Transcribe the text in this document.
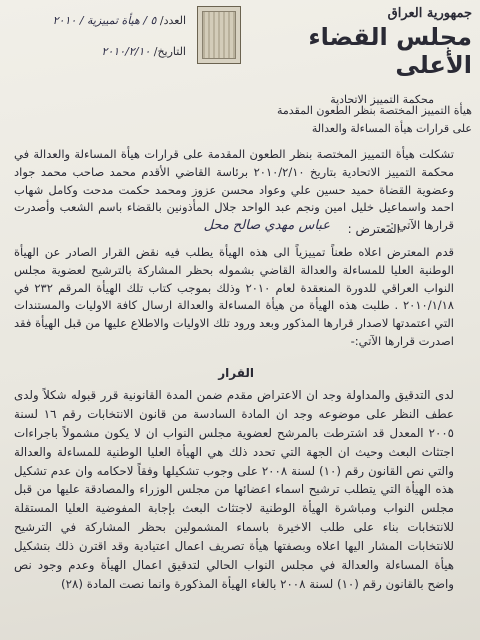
جمهورية العراق
مجلس القضاء الأعلى
محكمة التمييز الاتحادية
العدد/ ٥ / هيأة تمييزية / ٢٠١٠
التاريخ/ ٢٠١٠/٢/١٠
هيأة التمييز المختصة بنظر الطعون المقدمة
على قرارات هيأة المساءلة والعدالة
تشكلت هيأة التمييز المختصة بنظر الطعون المقدمة على قرارات هيأة المساءلة والعدالة في محكمة التمييز الاتحادية بتاريخ ٢٠١٠/٢/١٠ برئاسة القاضي الأقدم محمد صاحب محمد جواد وعضوية القضاة حميد حسين علي وعواد محسن عزوز ومحمد حكمت مدحت وكامل شهاب احمد واسماعيل خليل امين ونجم عبد الواحد جلال المأذونين بالقضاء باسم الشعب وأصدرت قرارها الآتي :-
المعترض :
عباس مهدي صالح محل
قدم المعترض اعلاه طعناً تمييزياً الى هذه الهيأة يطلب فيه نقض القرار الصادر عن الهيأة الوطنية العليا للمساءلة والعدالة القاضي بشموله بحظر المشاركة بالترشيح لعضوية مجلس النواب العراقي للدورة المنعقدة لعام ٢٠١٠ وذلك بموجب كتاب تلك الهيأة المرقم ٢٣٢ في ٢٠١٠/١/١٨ . طلبت هذه الهيأة من هيأة المساءلة والعدالة ارسال كافة الاوليات والمستندات التي اعتمدتها لاصدار قرارها المذكور وبعد ورود تلك الاوليات والاطلاع عليها من قبل الهيأة فقد اصدرت قرارها الآتي:-
القرار
لدى التدقيق والمداولة وجد ان الاعتراض مقدم ضمن المدة القانونية قرر قبوله شكلاً ولدى عطف النظر على موضوعه وجد ان المادة السادسة من قانون الانتخابات رقم ١٦ لسنة ٢٠٠٥ المعدل قد اشترطت بالمرشح لعضوية مجلس النواب ان لا يكون مشمولاً باجراءات اجتثاث البعث وحيث ان الجهة التي تحدد ذلك هي الهيأة العليا الوطنية للمساءلة والعدالة والتي نص القانون رقم (١٠) لسنة ٢٠٠٨ على وجوب تشكيلها وفقاً لاحكامه وان عدم تشكيل هذه الهيأة التي يتطلب ترشيح اسماء اعضائها من مجلس الوزراء والمصادقة عليها من قبل مجلس النواب ومباشرة الهيأة الوطنية لاجتثاث البعث بإجابة المفوضية العليا المستقلة للانتخابات بناء على طلب الاخيرة باسماء المشمولين بحظر المشاركة في الترشيح للانتخابات المشار اليها اعلاه وبصفتها هيأة تصريف اعمال اعتيادية وقد اقترن ذلك بتشكيل هيأة المساءلة والعدالة في مجلس النواب الحالي لتدقيق اعمال الهيأة وعدم وجود نص واضح بالقانون رقم (١٠) لسنة ٢٠٠٨ بالغاء الهيأة المذكورة وانما نصت المادة (٢٨)
